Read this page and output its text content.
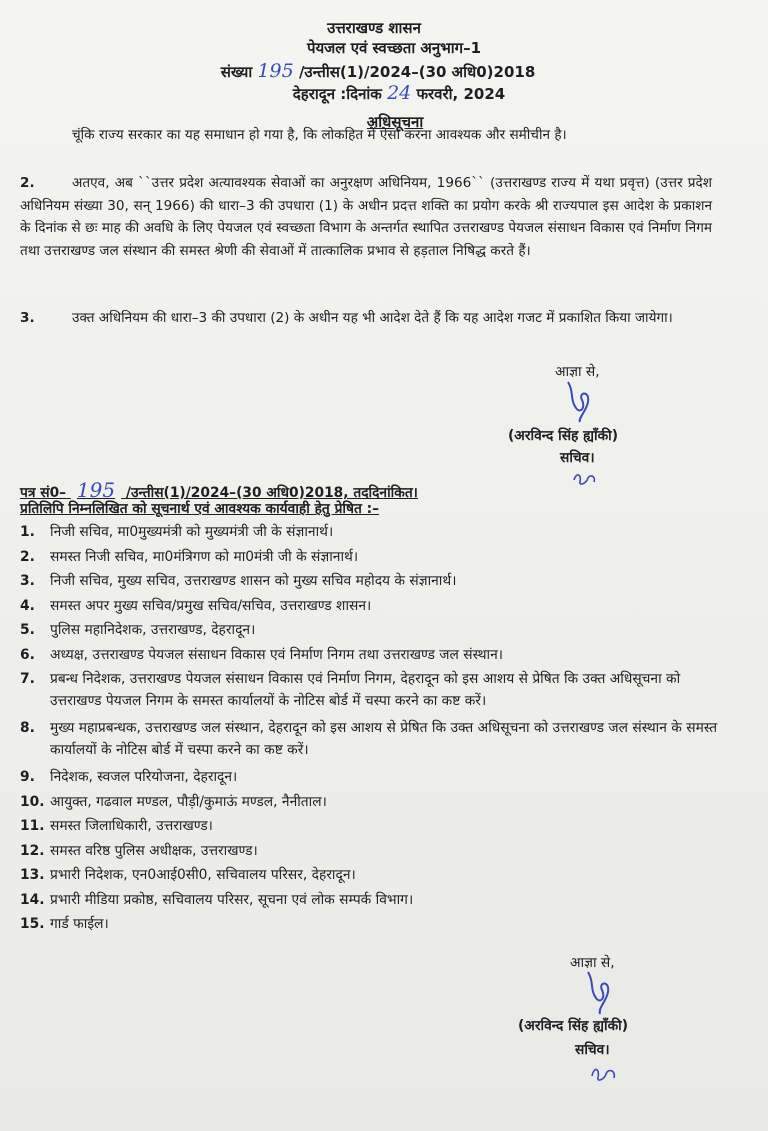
उत्तराखण्ड शासन
पेयजल एवं स्वच्छता अनुभाग–1
संख्या 195 /उन्तीस(1)/2024–(30 अधि0)2018
देहरादून :दिनांक 24 फरवरी, 2024
अधिसूचना
चूंकि राज्य सरकार का यह समाधान हो गया है, कि लोकहित में ऐसा करना आवश्यक और समीचीन है।
2.	अतएव, अब ``उत्तर प्रदेश अत्यावश्यक सेवाओं का अनुरक्षण अधिनियम, 1966`` (उत्तराखण्ड राज्य में यथा प्रवृत्त) (उत्तर प्रदेश अधिनियम संख्या 30, सन् 1966) की धारा–3 की उपधारा (1) के अधीन प्रदत्त शक्ति का प्रयोग करके श्री राज्यपाल इस आदेश के प्रकाशन के दिनांक से छः माह की अवधि के लिए पेयजल एवं स्वच्छता विभाग के अन्तर्गत स्थापित उत्तराखण्ड पेयजल संसाधन विकास एवं निर्माण निगम तथा उत्तराखण्ड जल संस्थान की समस्त श्रेणी की सेवाओं में तात्कालिक प्रभाव से हड़ताल निषिद्ध करते हैं।
3.	उक्त अधिनियम की धारा–3 की उपधारा (2) के अधीन यह भी आदेश देते हैं कि यह आदेश गजट में प्रकाशित किया जायेगा।
आज्ञा से,
(अरविन्द सिंह ह्याँकी)
सचिव।
पत्र सं0– 195 /उन्तीस(1)/2024–(30 अधि0)2018, तददिनांकित।
प्रतिलिपि निम्नलिखित को सूचनार्थ एवं आवश्यक कार्यवाही हेतु प्रेषित :–
1. निजी सचिव, मा0मुख्यमंत्री को मुख्यमंत्री जी के संज्ञानार्थ।
2. समस्त निजी सचिव, मा0मंत्रिगण को मा0मंत्री जी के संज्ञानार्थ।
3. निजी सचिव, मुख्य सचिव, उत्तराखण्ड शासन को मुख्य सचिव महोदय के संज्ञानार्थ।
4. समस्त अपर मुख्य सचिव/प्रमुख सचिव/सचिव, उत्तराखण्ड शासन।
5. पुलिस महानिदेशक, उत्तराखण्ड, देहरादून।
6. अध्यक्ष, उत्तराखण्ड पेयजल संसाधन विकास एवं निर्माण निगम तथा उत्तराखण्ड जल संस्थान।
7. प्रबन्ध निदेशक, उत्तराखण्ड पेयजल संसाधन विकास एवं निर्माण निगम, देहरादून को इस आशय से प्रेषित कि उक्त अधिसूचना को उत्तराखण्ड पेयजल निगम के समस्त कार्यालयों के नोटिस बोर्ड में चस्पा करने का कष्ट करें।
8. मुख्य महाप्रबन्धक, उत्तराखण्ड जल संस्थान, देहरादून को इस आशय से प्रेषित कि उक्त अधिसूचना को उत्तराखण्ड जल संस्थान के समस्त कार्यालयों के नोटिस बोर्ड में चस्पा करने का कष्ट करें।
9. निदेशक, स्वजल परियोजना, देहरादून।
10. आयुक्त, गढवाल मण्डल, पौड़ी/कुमाऊं मण्डल, नैनीताल।
11. समस्त जिलाधिकारी, उत्तराखण्ड।
12. समस्त वरिष्ठ पुलिस अधीक्षक, उत्तराखण्ड।
13. प्रभारी निदेशक, एन0आई0सी0, सचिवालय परिसर, देहरादून।
14. प्रभारी मीडिया प्रकोष्ठ, सचिवालय परिसर, सूचना एवं लोक सम्पर्क विभाग।
15. गार्ड फाईल।
आज्ञा से,
(अरविन्द सिंह ह्याँकी)
सचिव।
